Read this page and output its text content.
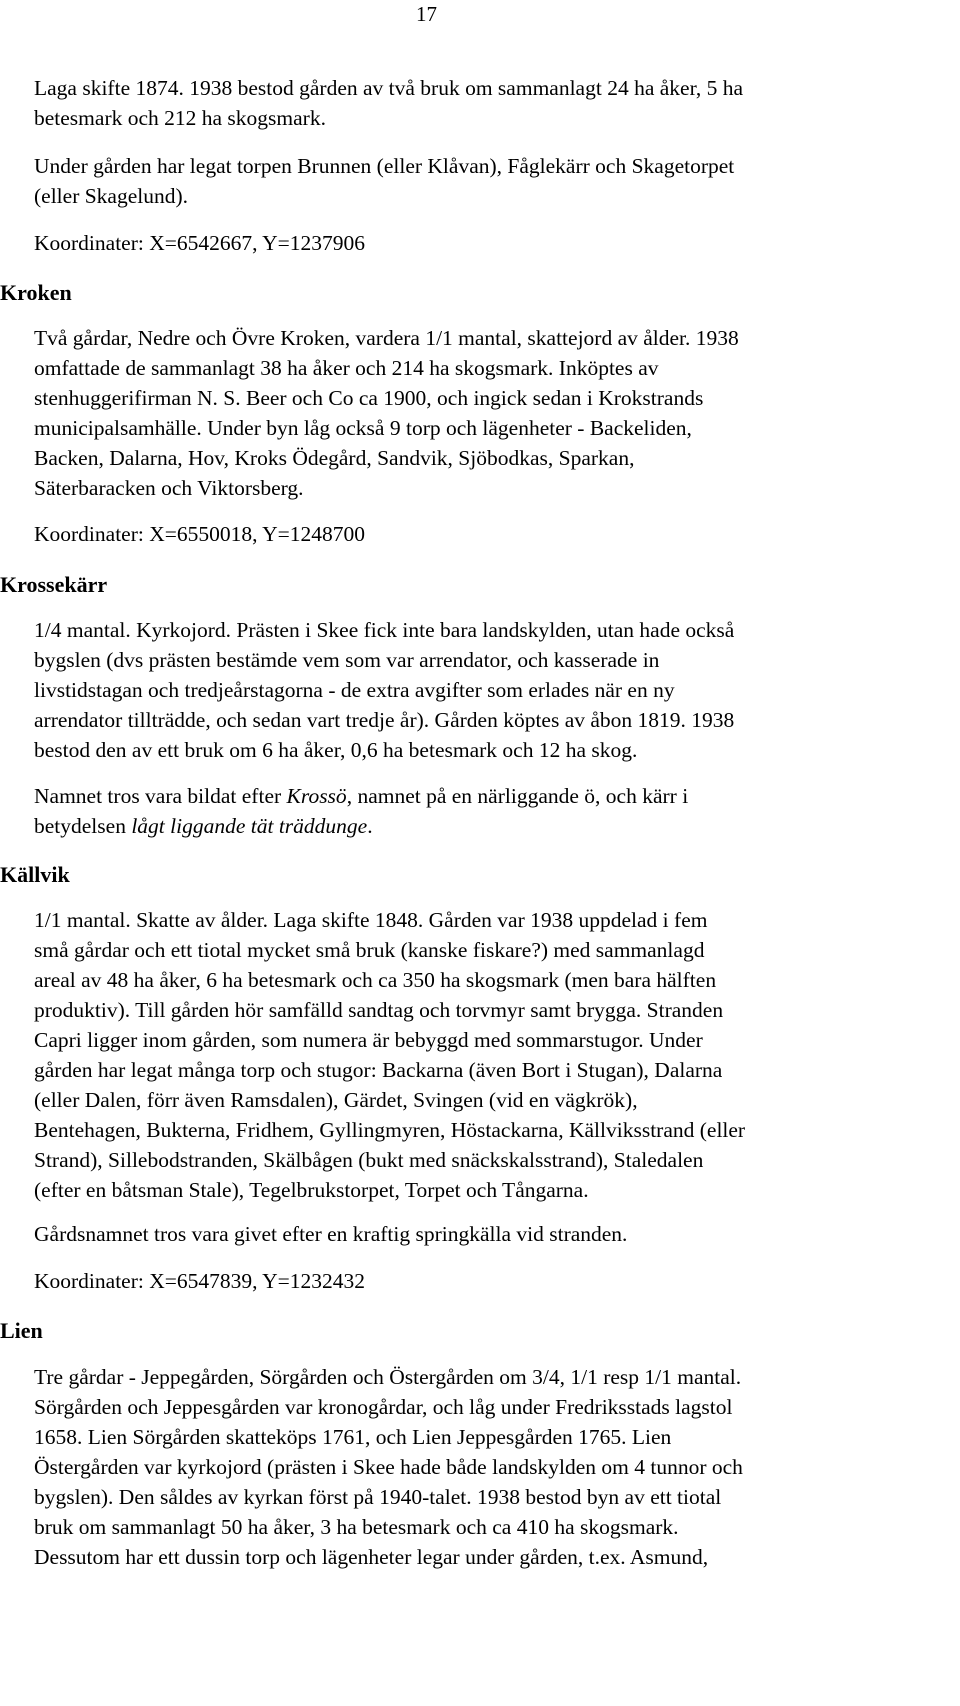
17
Laga skifte 1874. 1938 bestod gården av två bruk om sammanlagt 24 ha åker, 5 ha
betesmark och 212 ha skogsmark.
Under gården har legat torpen Brunnen (eller Klåvan), Fåglekärr och Skagetorpet
(eller Skagelund).
Koordinater: X=6542667, Y=1237906
Kroken
Två gårdar, Nedre och Övre Kroken, vardera 1/1 mantal, skattejord av ålder. 1938
omfattade de sammanlagt 38 ha åker och 214 ha skogsmark. Inköptes av
stenhuggerifirman N. S. Beer och Co ca 1900, och ingick sedan i Krokstrands
municipalsamhälle. Under byn låg också 9 torp och lägenheter - Backeliden,
Backen, Dalarna, Hov, Kroks Ödegård, Sandvik, Sjöbodkas, Sparkan,
Säterbaracken och Viktorsberg.
Koordinater: X=6550018, Y=1248700
Krossekärr
1/4 mantal. Kyrkojord. Prästen i Skee fick inte bara landskylden, utan hade också
bygslen (dvs prästen bestämde vem som var arrendator, och kasserade in
livstidstagan och tredjeårstagorna - de extra avgifter som erlades när en ny
arrendator tillträdde, och sedan vart tredje år). Gården köptes av åbon 1819. 1938
bestod den av ett bruk om 6 ha åker, 0,6 ha betesmark och 12 ha skog.
Namnet tros vara bildat efter Krossö, namnet på en närliggande ö, och kärr i
betydelsen lågt liggande tät träddunge.
Källvik
1/1 mantal. Skatte av ålder. Laga skifte 1848. Gården var 1938 uppdelad i fem
små gårdar och ett tiotal mycket små bruk (kanske fiskare?) med sammanlagd
areal av 48 ha åker, 6 ha betesmark och ca 350 ha skogsmark (men bara hälften
produktiv). Till gården hör samfälld sandtag och torvmyr samt brygga. Stranden
Capri ligger inom gården, som numera är bebyggd med sommarstugor. Under
gården har legat många torp och stugor: Backarna (även Bort i Stugan), Dalarna
(eller Dalen, förr även Ramsdalen), Gärdet, Svingen (vid en vägkrök),
Bentehagen, Bukterna, Fridhem, Gyllingmyren, Höstackarna, Källviksstrand (eller
Strand), Sillebodstranden, Skälbågen (bukt med snäckskalsstrand), Staledalen
(efter en båtsman Stale), Tegelbrukstorpet, Torpet och Tångarna.
Gårdsnamnet tros vara givet efter en kraftig springkälla vid stranden.
Koordinater: X=6547839, Y=1232432
Lien
Tre gårdar - Jeppegården, Sörgården och Östergården om 3/4, 1/1 resp 1/1 mantal.
Sörgården och Jeppesgården var kronogårdar, och låg under Fredriksstads lagstol
1658. Lien Sörgården skatteköps 1761, och Lien Jeppesgården 1765. Lien
Östergården var kyrkojord (prästen i Skee hade både landskylden om 4 tunnor och
bygslen). Den såldes av kyrkan först på 1940-talet. 1938 bestod byn av ett tiotal
bruk om sammanlagt 50 ha åker, 3 ha betesmark och ca 410 ha skogsmark.
Dessutom har ett dussin torp och lägenheter legar under gården, t.ex. Asmund,
